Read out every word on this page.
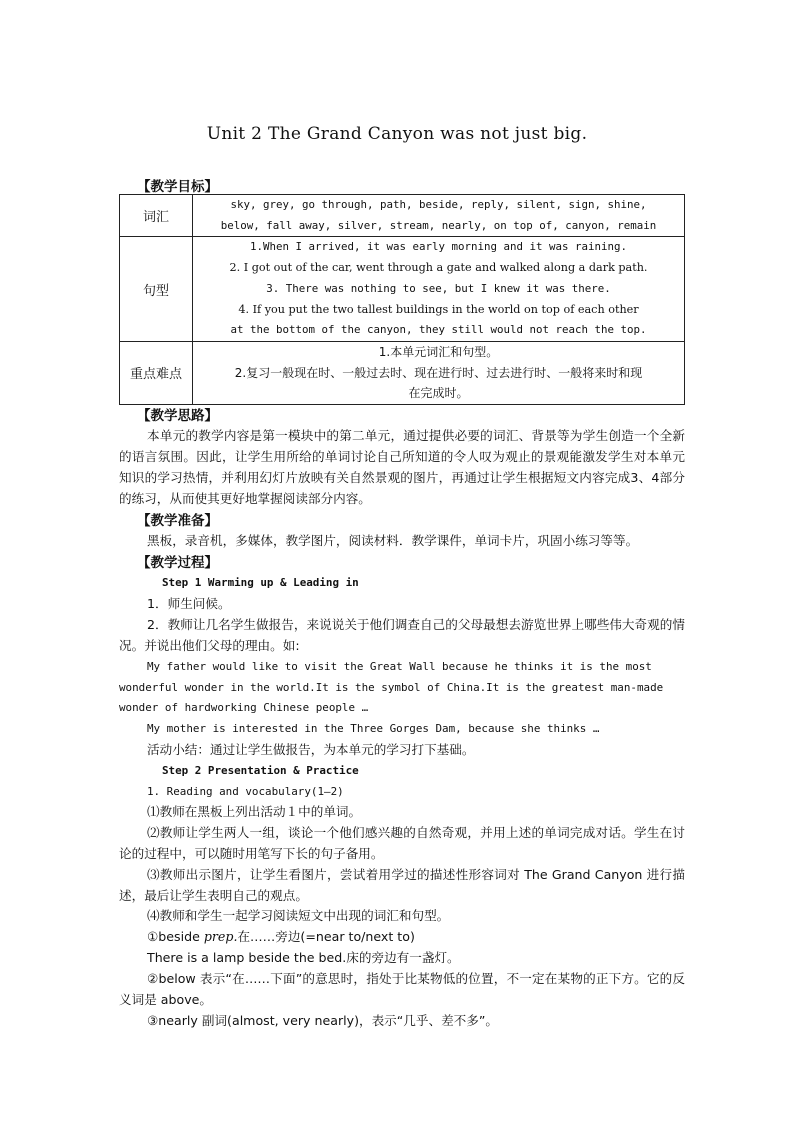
Unit 2 The Grand Canyon was not just big.
【教学目标】
词汇	sky, grey, go through, path, beside, reply, silent, sign, shine,
below, fall away, silver, stream, nearly, on top of, canyon, remain

句型	1.When I arrived, it was early morning and it was raining.
2. I got out of the car, went through a gate and walked along a dark path.
3. There was nothing to see, but I knew it was there.
4. If you put the two tallest buildings in the world on top of each other
at the bottom of the canyon, they still would not reach the top.

重点难点	1.本单元词汇和句型。
2.复习一般现在时、一般过去时、现在进行时、过去进行时、一般将来时和现
在完成时。
【教学思路】
本单元的教学内容是第一模块中的第二单元，通过提供必要的词汇、背景等为学生创造一个全新的语言氛围。因此，让学生用所给的单词讨论自己所知道的令人叹为观止的景观能激发学生对本单元知识的学习热情，并利用幻灯片放映有关自然景观的图片，再通过让学生根据短文内容完成3、4部分的练习，从而使其更好地掌握阅读部分内容。
【教学准备】
黑板，录音机，多媒体，教学图片，阅读材料．教学课件，单词卡片，巩固小练习等等。
【教学过程】
Step 1 Warming up & Leading in
1．师生问候。
2．教师让几名学生做报告，来说说关于他们调查自己的父母最想去游览世界上哪些伟大奇观的情况。并说出他们父母的理由。如:
My father would like to visit the Great Wall because he thinks it is the most
wonderful wonder in the world.It is the symbol of China.It is the greatest man-made
wonder of hardworking Chinese people …
My mother is interested in the Three Gorges Dam, because she thinks …
活动小结：通过让学生做报告，为本单元的学习打下基础。
Step 2 Presentation & Practice
1. Reading and vocabulary(1—2)
⑴教师在黑板上列出活动１中的单词。
⑵教师让学生两人一组，谈论一个他们感兴趣的自然奇观，并用上述的单词完成对话。学生在讨论的过程中，可以随时用笔写下长的句子备用。
⑶教师出示图片，让学生看图片，尝试着用学过的描述性形容词对 The Grand Canyon 进行描述，最后让学生表明自己的观点。
⑷教师和学生一起学习阅读短文中出现的词汇和句型。
①beside prep.在……旁边(=near to/next to)
There is a lamp beside the bed.床的旁边有一盏灯。
②below 表示“在……下面”的意思时，指处于比某物低的位置，不一定在某物的正下方。它的反义词是 above。
③nearly 副词(almost, very nearly)，表示“几乎、差不多”。
